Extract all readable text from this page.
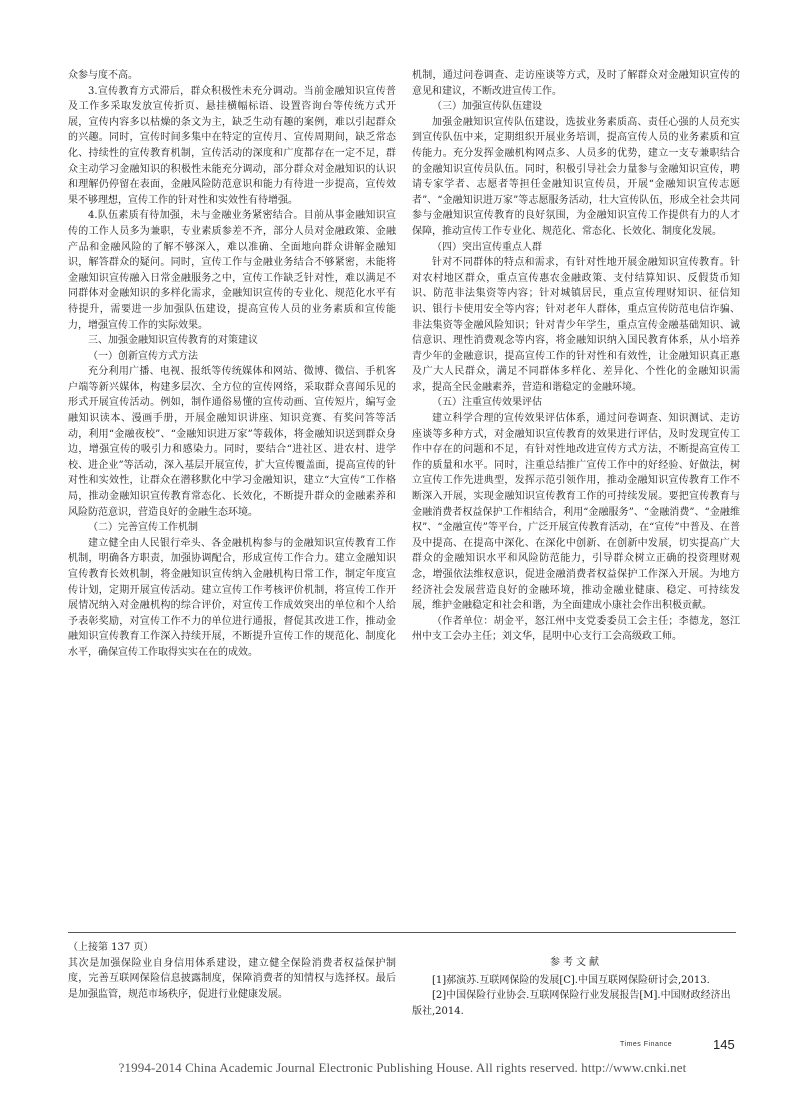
众参与度不高。

3.宣传教育方式滞后，群众积极性未充分调动。当前金融知识宣传普及工作多采取发放宣传折页、悬挂横幅标语、设置咨询台等传统方式开展，宣传内容多以枯燥的条文为主，缺乏生动有趣的案例，难以引起群众的兴趣。同时，宣传时间多集中在特定的宣传月、宣传周期间，缺乏常态化、持续性的宣传教育机制，宣传活动的深度和广度都存在一定不足，群众主动学习金融知识的积极性未能充分调动，部分群众对金融知识的认识和理解仍停留在表面，金融风险防范意识和能力有待进一步提高，宣传效果不够理想，宣传工作的针对性和实效性有待增强。

4.队伍素质有待加强，未与金融业务紧密结合。目前从事金融知识宣传的工作人员多为兼职，专业素质参差不齐，部分人员对金融政策、金融产品和金融风险的了解不够深入，难以准确、全面地向群众讲解金融知识，解答群众的疑问。同时，宣传工作与金融业务结合不够紧密，未能将金融知识宣传融入日常金融服务之中，宣传工作缺乏针对性，难以满足不同群体对金融知识的多样化需求，金融知识宣传的专业化、规范化水平有待提升，需要进一步加强队伍建设，提高宣传人员的业务素质和宣传能力，增强宣传工作的实际效果。

三、加强金融知识宣传教育的对策建议

（一）创新宣传方式方法

充分利用广播、电视、报纸等传统媒体和网站、微博、微信、手机客户端等新兴媒体，构建多层次、全方位的宣传网络，采取群众喜闻乐见的形式开展宣传活动。例如，制作通俗易懂的宣传动画、宣传短片，编写金融知识读本、漫画手册，开展金融知识讲座、知识竞赛、有奖问答等活动，利用“金融夜校”、“金融知识进万家”等载体，将金融知识送到群众身边，增强宣传的吸引力和感染力。同时，要结合“进社区、进农村、进学校、进企业”等活动，深入基层开展宣传，扩大宣传覆盖面，提高宣传的针对性和实效性，让群众在潜移默化中学习金融知识，建立“大宣传”工作格局，推动金融知识宣传教育常态化、长效化，不断提升群众的金融素养和风险防范意识，营造良好的金融生态环境。

（二）完善宣传工作机制

建立健全由人民银行牵头、各金融机构参与的金融知识宣传教育工作机制，明确各方职责，加强协调配合，形成宣传工作合力。建立金融知识宣传教育长效机制，将金融知识宣传纳入金融机构日常工作，制定年度宣传计划，定期开展宣传活动。建立宣传工作考核评价机制，将宣传工作开展情况纳入对金融机构的综合评价，对宣传工作成效突出的单位和个人给予表彰奖励，对宣传工作不力的单位进行通报，督促其改进工作，推动金融知识宣传教育工作深入持续开展，不断提升宣传工作的规范化、制度化水平，确保宣传工作取得实实在在的成效。

机制，通过问卷调查、走访座谈等方式，及时了解群众对金融知识宣传的意见和建议，不断改进宣传工作。

（三）加强宣传队伍建设

加强金融知识宣传队伍建设，选拔业务素质高、责任心强的人员充实到宣传队伍中来，定期组织开展业务培训，提高宣传人员的业务素质和宣传能力。充分发挥金融机构网点多、人员多的优势，建立一支专兼职结合的金融知识宣传员队伍。同时，积极引导社会力量参与金融知识宣传，聘请专家学者、志愿者等担任金融知识宣传员，开展“金融知识宣传志愿者”、“金融知识进万家”等志愿服务活动，壮大宣传队伍，形成全社会共同参与金融知识宣传教育的良好氛围，为金融知识宣传工作提供有力的人才保障，推动宣传工作专业化、规范化、常态化、长效化、制度化发展。

（四）突出宣传重点人群

针对不同群体的特点和需求，有针对性地开展金融知识宣传教育。针对农村地区群众，重点宣传惠农金融政策、支付结算知识、反假货币知识、防范非法集资等内容；针对城镇居民，重点宣传理财知识、征信知识、银行卡使用安全等内容；针对老年人群体，重点宣传防范电信诈骗、非法集资等金融风险知识；针对青少年学生，重点宣传金融基础知识、诚信意识、理性消费观念等内容，将金融知识纳入国民教育体系，从小培养青少年的金融意识，提高宣传工作的针对性和有效性，让金融知识真正惠及广大人民群众，满足不同群体多样化、差异化、个性化的金融知识需求，提高全民金融素养，营造和谐稳定的金融环境。

（五）注重宣传效果评估

建立科学合理的宣传效果评估体系，通过问卷调查、知识测试、走访座谈等多种方式，对金融知识宣传教育的效果进行评估，及时发现宣传工作中存在的问题和不足，有针对性地改进宣传方式方法，不断提高宣传工作的质量和水平。同时，注重总结推广宣传工作中的好经验、好做法，树立宣传工作先进典型，发挥示范引领作用，推动金融知识宣传教育工作不断深入开展，实现金融知识宣传教育工作的可持续发展。要把宣传教育与金融消费者权益保护工作相结合，利用“金融服务”、“金融消费”、“金融维权”、“金融宣传”等平台，广泛开展宣传教育活动，在“宣传”中普及、在普及中提高、在提高中深化、在深化中创新、在创新中发展，切实提高广大群众的金融知识水平和风险防范能力，引导群众树立正确的投资理财观念，增强依法维权意识，促进金融消费者权益保护工作深入开展。为地方经济社会发展营造良好的金融环境，推动金融业健康、稳定、可持续发展，维护金融稳定和社会和谐，为全面建成小康社会作出积极贡献。

（作者单位：胡金平，怒江州中支党委委员工会主任；李德龙，怒江州中支工会办主任；刘文华，昆明中心支行工会高级政工师。

（上接第 137 页）

其次是加强保险业自身信用体系建设，建立健全保险消费者权益保护制度，完善互联网保险信息披露制度，保障消费者的知情权与选择权。最后是加强监管，规范市场秩序，促进行业健康发展。

参考文献

[1]郝演苏.互联网保险的发展[C].中国互联网保险研讨会,2013.

[2]中国保险行业协会.互联网保险行业发展报告[M].中国财政经济出版社,2014.

Times Finance	145
?1994-2014 China Academic Journal Electronic Publishing House. All rights reserved. http://www.cnki.net
